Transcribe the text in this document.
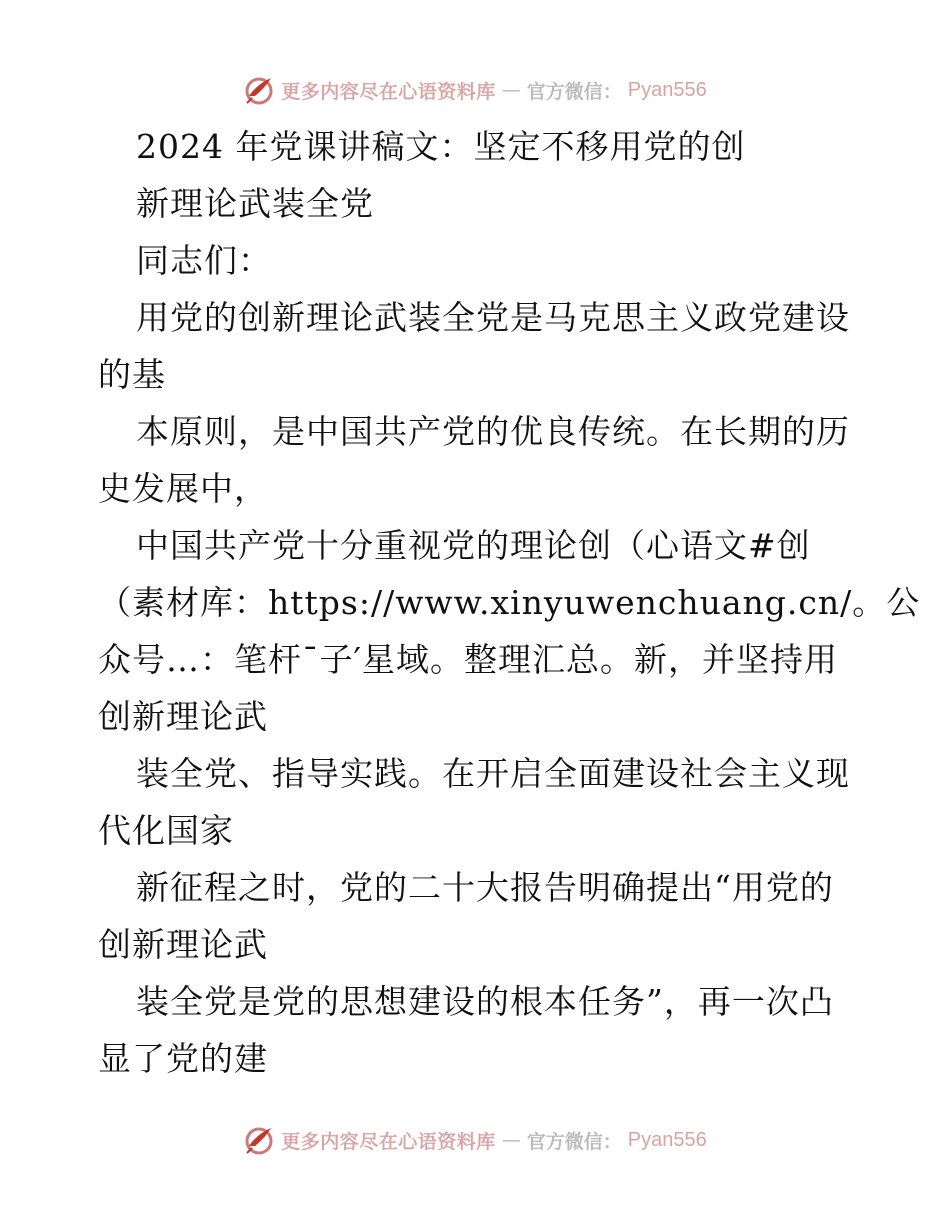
更多内容尽在心语资料库 — 官方微信： Pyan556
2024 年党课讲稿文：坚定不移用党的创
新理论武装全党
同志们：
用党的创新理论武装全党是马克思主义政党建设
的基
本原则，是中国共产党的优良传统。在长期的历
史发展中，
中国共产党十分重视党的理论创（心语文#创
（素材库：https://www.xinyuwenchuang.cn/。公
众号…：笔杆¯子′星域。整理汇总。新，并坚持用
创新理论武
装全党、指导实践。在开启全面建设社会主义现
代化国家
新征程之时，党的二十大报告明确提出“用党的
创新理论武
装全党是党的思想建设的根本任务”，再一次凸
显了党的建
更多内容尽在心语资料库 — 官方微信： Pyan556
